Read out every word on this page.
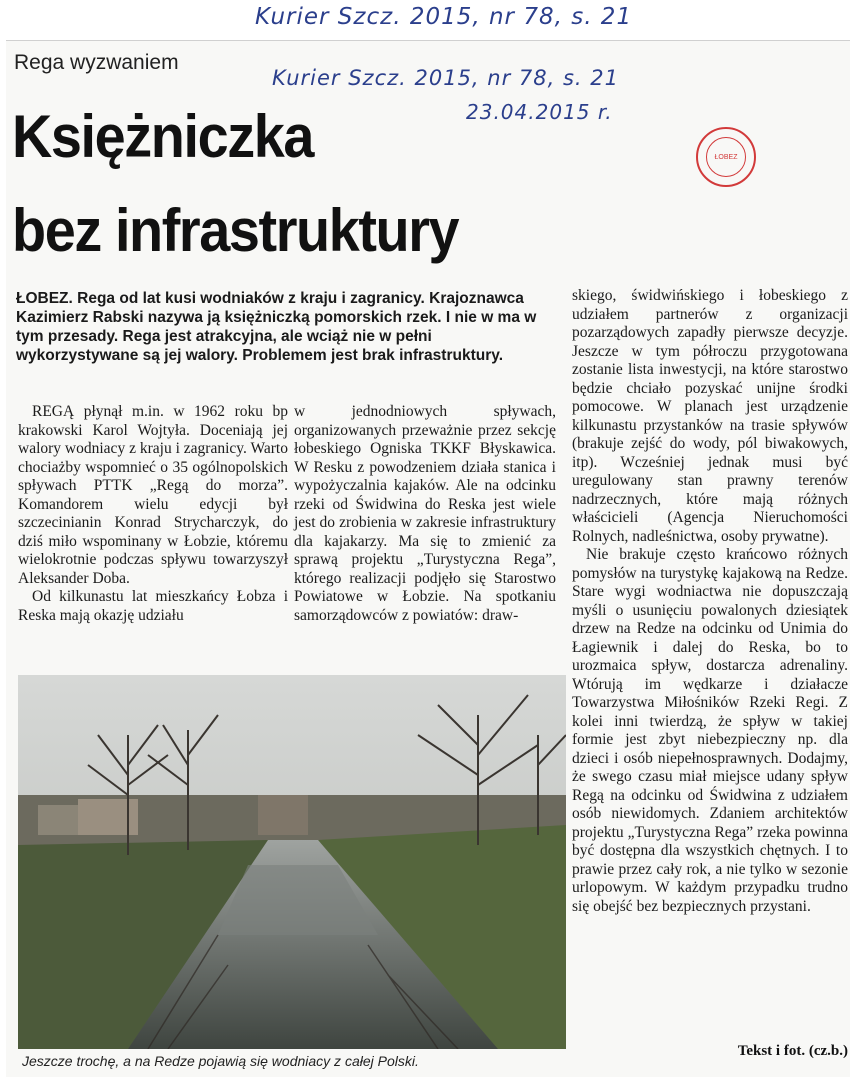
Kurier Szcz. 2015, nr 78, s. 21
Rega wyzwaniem
Księżniczka
bez infrastruktury
ŁOBEZ

ŁOBEZ. Rega od lat kusi wodniaków z kraju i zagranicy. Krajoznawca Kazimierz Rabski nazywa ją księżniczką pomorskich rzek. I nie w ma w tym przesady. Rega jest atrakcyjna, ale wciąż nie w pełni wykorzystywane są jej walory. Problemem jest brak infrastruktury.

REGĄ płynął m.in. w 1962 roku bp krakowski Karol Wojtyła. Doceniają jej walory wodniacy z kraju i zagranicy. Warto chociażby wspomnieć o 35 ogólnopolskich spływach PTTK „Regą do morza”. Komandorem wielu edycji był szczecinianin Konrad Strycharczyk, do dziś miło wspominany w Łobzie, któremu wielokrotnie podczas spływu towarzyszył Aleksander Doba.

Od kilkunastu lat mieszkańcy Łobza i Reska mają okazję udziału

w jednodniowych spływach, organizowanych przeważnie przez sekcję łobeskiego Ogniska TKKF Błyskawica. W Resku z powodzeniem działa stanica i wypożyczalnia kajaków. Ale na odcinku rzeki od Świdwina do Reska jest wiele jest do zrobienia w zakresie infrastruktury dla kajakarzy. Ma się to zmienić za sprawą projektu „Turystyczna Rega”, którego realizacji podjęło się Starostwo Powiatowe w Łobzie. Na spotkaniu samorządowców z powiatów: draw-

skiego, świdwińskiego i łobeskiego z udziałem partnerów z organizacji pozarządowych zapadły pierwsze decyzje. Jeszcze w tym półroczu przygotowana zostanie lista inwestycji, na które starostwo będzie chciało pozyskać unijne środki pomocowe. W planach jest urządzenie kilkunastu przystanków na trasie spływów (brakuje zejść do wody, pól biwakowych, itp). Wcześniej jednak musi być uregulowany stan prawny terenów nadrzecznych, które mają różnych właścicieli (Agencja Nieruchomości Rolnych, nadleśnictwa, osoby prywatne).

Nie brakuje często krańcowo różnych pomysłów na turystykę kajakową na Redze. Stare wygi wodniactwa nie dopuszczają myśli o usunięciu powalonych dziesiątek drzew na Redze na odcinku od Unimia do Łagiewnik i dalej do Reska, bo to urozmaica spływ, dostarcza adrenaliny. Wtórują im wędkarze i działacze Towarzystwa Miłośników Rzeki Regi. Z kolei inni twierdzą, że spływ w takiej formie jest zbyt niebezpieczny np. dla dzieci i osób niepełnosprawnych. Dodajmy, że swego czasu miał miejsce udany spływ Regą na odcinku od Świdwina z udziałem osób niewidomych. Zdaniem architektów projektu „Turystyczna Rega” rzeka powinna być dostępna dla wszystkich chętnych. I to prawie przez cały rok, a nie tylko w sezonie urlopowym. W każdym przypadku trudno się obejść bez bezpiecznych przystani.

Tekst i fot. (cz.b.)
Jeszcze trochę, a na Redze pojawią się wodniacy z całej Polski.
Kurier Szcz. 2015, nr 78, s. 21
23.04.2015 r.
